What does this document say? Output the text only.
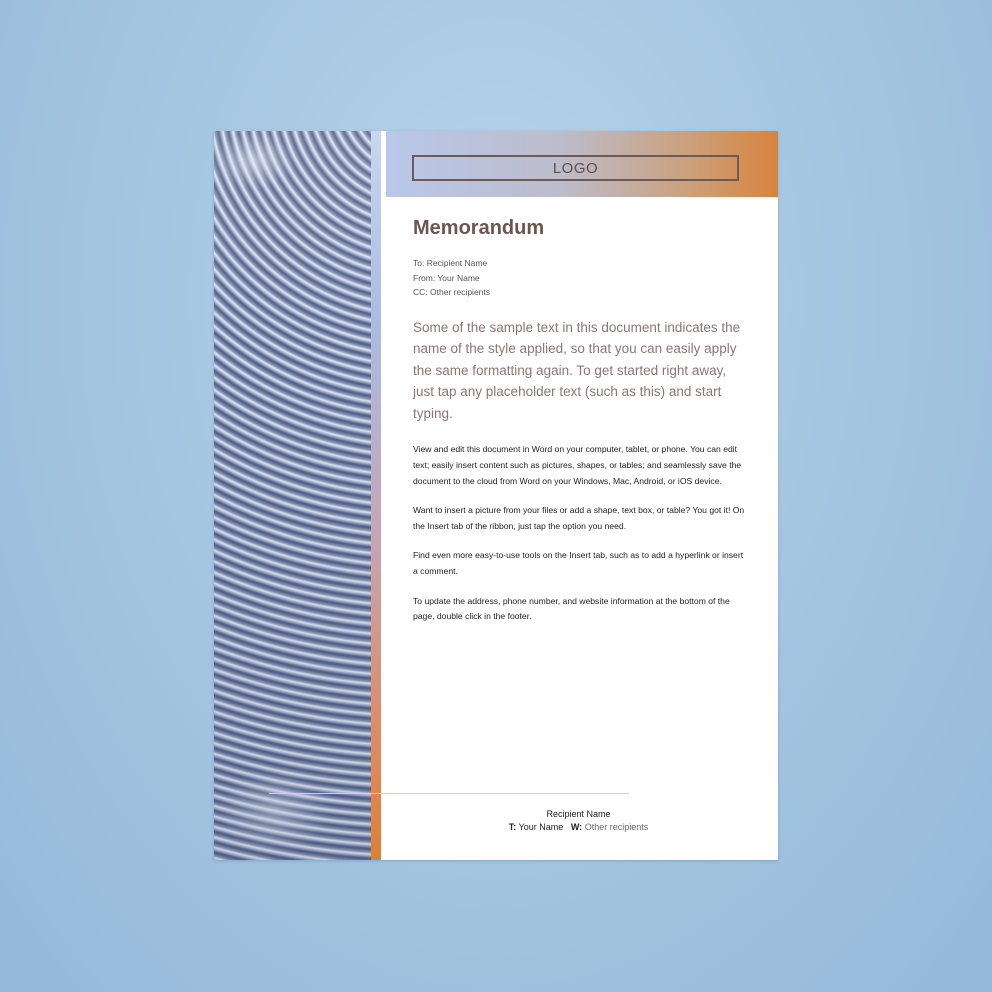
LOGO
Memorandum
To: Recipient Name
From: Your Name
CC: Other recipients
Some of the sample text in this document indicates the name of the style applied, so that you can easily apply the same formatting again. To get started right away, just tap any placeholder text (such as this) and start typing.
View and edit this document in Word on your computer, tablet, or phone. You can edit text; easily insert content such as pictures, shapes, or tables; and seamlessly save the document to the cloud from Word on your Windows, Mac, Android, or iOS device.
Want to insert a picture from your files or add a shape, text box, or table? You got it! On the Insert tab of the ribbon, just tap the option you need.
Find even more easy-to-use tools on the Insert tab, such as to add a hyperlink or insert a comment.
To update the address, phone number, and website information at the bottom of the page, double click in the footer.
Recipient Name
T: Your Name W: Other recipients
